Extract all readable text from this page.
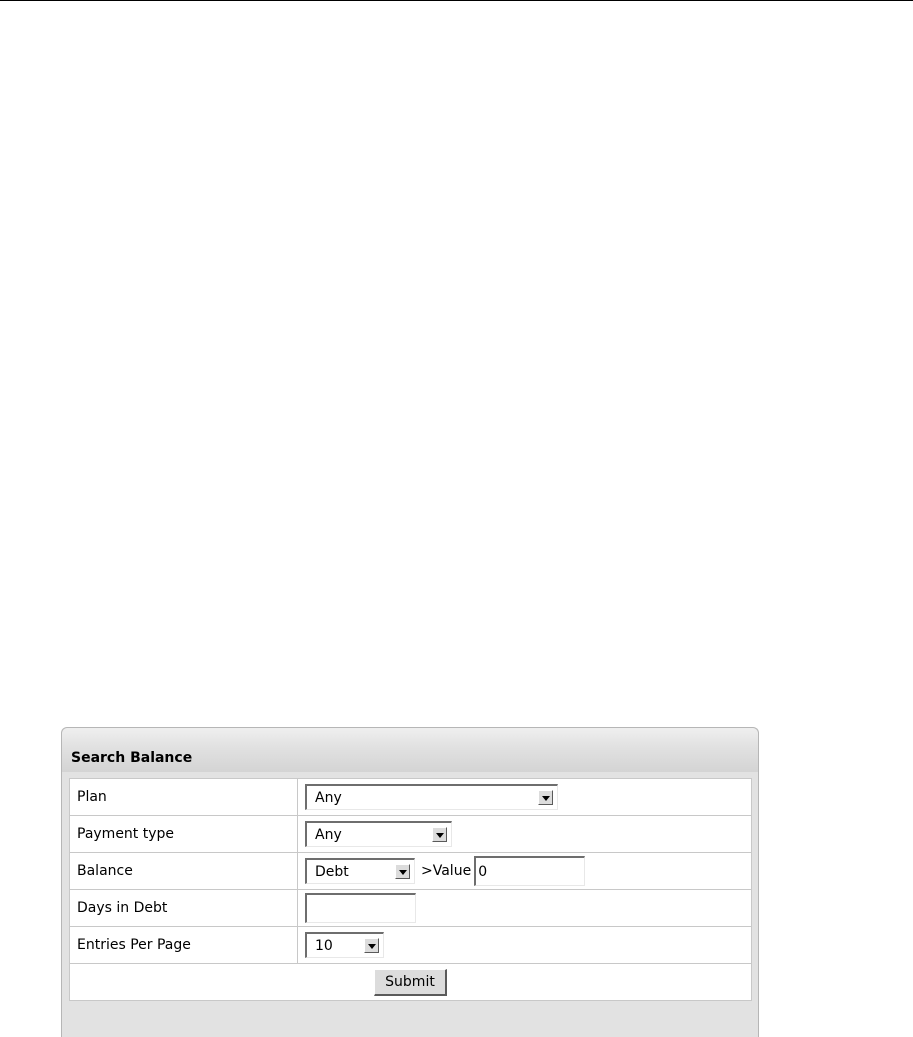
Search Balance
Plan	Any

Payment type	Any

Balance	Debt >Value0
Days in Debt	
Entries Per Page	10

Submit	
